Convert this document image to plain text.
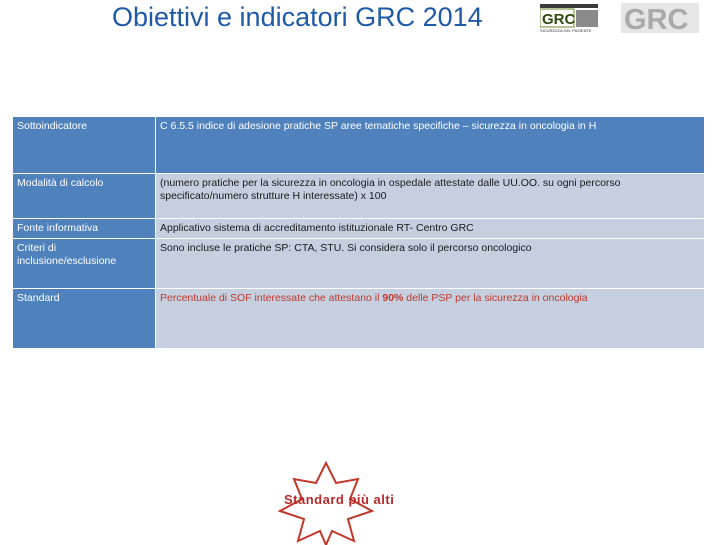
Obiettivi e indicatori GRC 2014	GRC
SICUREZZA DEL PAZIENTE GRC
Sottoindicatore	C 6.5.5 indice di adesione pratiche SP aree tematiche specifiche – sicurezza in oncologia in H
Modalità di calcolo	(numero pratiche per la sicurezza in oncologia in ospedale attestate dalle UU.OO. su ogni percorso specificato/numero strutture H interessate) x 100
Fonte informativa	Applicativo sistema di accreditamento istituzionale RT- Centro GRC
Criteri di inclusione/esclusione	Sono incluse le pratiche SP: CTA, STU. Si considera solo il percorso oncologico
Standard	Percentuale di SOF interessate che attestano il 90% delle PSP per la sicurezza in oncologia
Standard più alti
